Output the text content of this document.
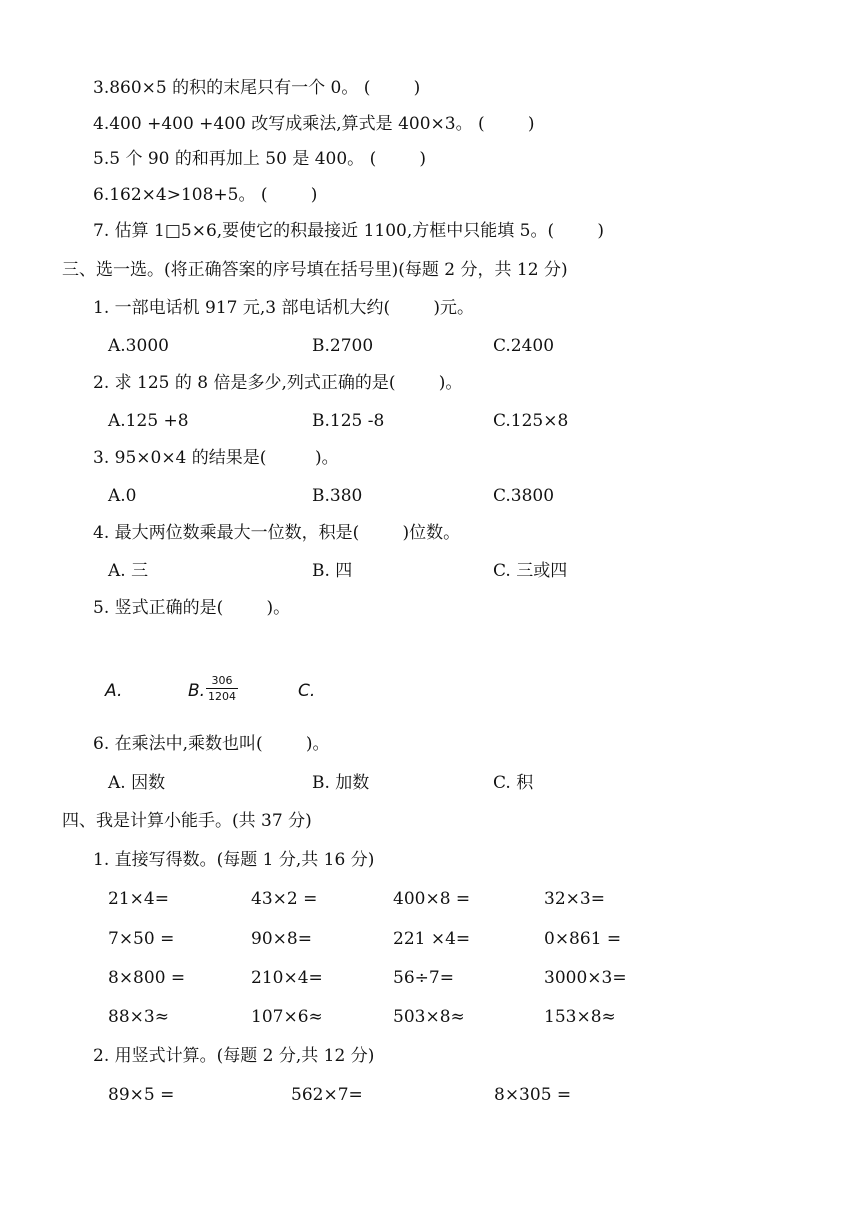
3.860×5 的积的末尾只有一个 0。 (        )
4.400 +400 +400 改写成乘法,算式是 400×3。 (        )
5.5 个 90 的和再加上 50 是 400。 (        )
6.162×4>108+5。 (        )
7. 估算 1□5×6,要使它的积最接近 1100,方框中只能填 5。(        )
三、选一选。(将正确答案的序号填在括号里)(每题 2 分，共 12 分)
1. 一部电话机 917 元,3 部电话机大约(        )元。
A.3000	B.2700	C.2400
2. 求 125 的 8 倍是多少,列式正确的是(        )。
A.125 +8	B.125 -8	C.125×8
3. 95×0×4 的结果是(         )。
A.0	B.380	C.3800
4. 最大两位数乘最大一位数，积是(        )位数。
A. 三	B. 四	C. 三或四
5. 竖式正确的是(        )。
A.	B.
306
1204	C.
6. 在乘法中,乘数也叫(        )。
A. 因数	B. 加数	C. 积
四、我是计算小能手。(共 37 分)
1. 直接写得数。(每题 1 分,共 16 分)
21×4=	43×2 =	400×8 =	32×3=
7×50 =	90×8=	221 ×4=	0×861 =
8×800 =	210×4=	56÷7=	3000×3=
88×3≈	107×6≈	503×8≈	153×8≈
2. 用竖式计算。(每题 2 分,共 12 分)
89×5 =	562×7=	8×305 =
